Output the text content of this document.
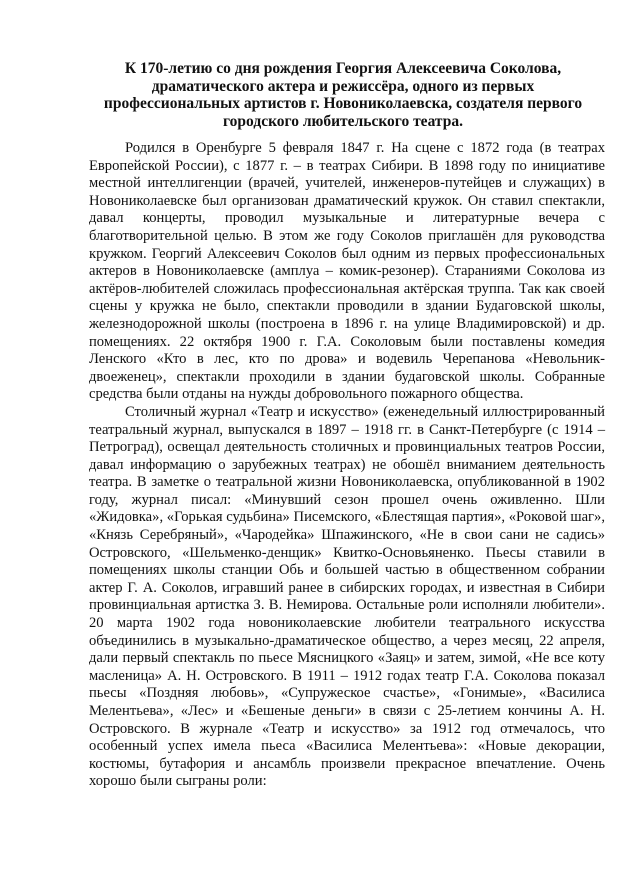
К 170-летию со дня рождения Георгия Алексеевича Соколова, драматического актера и режиссёра, одного из первых профессиональных артистов г. Новониколаевска, создателя первого городского любительского театра.

Родился в Оренбурге 5 февраля 1847 г. На сцене с 1872 года (в театрах Европейской России), с 1877 г. – в театрах Сибири. В 1898 году по инициативе местной интеллигенции (врачей, учителей, инженеров-путейцев и служащих) в Новониколаевске был организован драматический кружок. Он ставил спектакли, давал концерты, проводил музыкальные и литературные вечера с благотворительной целью. В этом же году Соколов приглашён для руководства кружком. Георгий Алексеевич Соколов был одним из первых профессиональных актеров в Новониколаевске (амплуа – комик-резонер). Стараниями Соколова из актёров-любителей сложилась профессиональная актёрская труппа. Так как своей сцены у кружка не было, спектакли проводили в здании Будаговской школы, железнодорожной школы (построена в 1896 г. на улице Владимировской) и др. помещениях. 22 октября 1900 г. Г.А. Соколовым были поставлены комедия Ленского «Кто в лес, кто по дрова» и водевиль Черепанова «Невольник-двоеженец», спектакли проходили в здании будаговской школы. Собранные средства были отданы на нужды добровольного пожарного общества.

Столичный журнал «Театр и искусство» (еженедельный иллюстрированный театральный журнал, выпускался в 1897 – 1918 гг. в Санкт-Петербурге (с 1914 – Петроград), освещал деятельность столичных и провинциальных театров России, давал информацию о зарубежных театрах) не обошёл вниманием деятельность театра. В заметке о театральной жизни Новониколаевска, опубликованной в 1902 году, журнал писал: «Минувший сезон прошел очень оживленно. Шли «Жидовка», «Горькая судьбина» Писемского, «Блестящая партия», «Роковой шаг», «Князь Серебряный», «Чародейка» Шпажинского, «Не в свои сани не садись» Островского, «Шельменко-денщик» Квитко-Основьяненко. Пьесы ставили в помещениях школы станции Обь и большей частью в общественном собрании актер Г. А. Соколов, игравший ранее в сибирских городах, и известная в Сибири провинциальная артистка З. В. Немирова. Остальные роли исполняли любители». 20 марта 1902 года новониколаевские любители театрального искусства объединились в музыкально-драматическое общество, а через месяц, 22 апреля, дали первый спектакль по пьесе Мясницкого «Заяц» и затем, зимой, «Не все коту масленица» А. Н. Островского. В 1911 – 1912 годах театр Г.А. Соколова показал пьесы «Поздняя любовь», «Супружеское счастье», «Гонимые», «Василиса Мелентьева», «Лес» и «Бешеные деньги» в связи с 25-летием кончины А. Н. Островского. В журнале «Театр и искусство» за 1912 год отмечалось, что особенный успех имела пьеса «Василиса Мелентьева»: «Новые декорации, костюмы, бутафория и ансамбль произвели прекрасное впечатление. Очень хорошо были сыграны роли:
